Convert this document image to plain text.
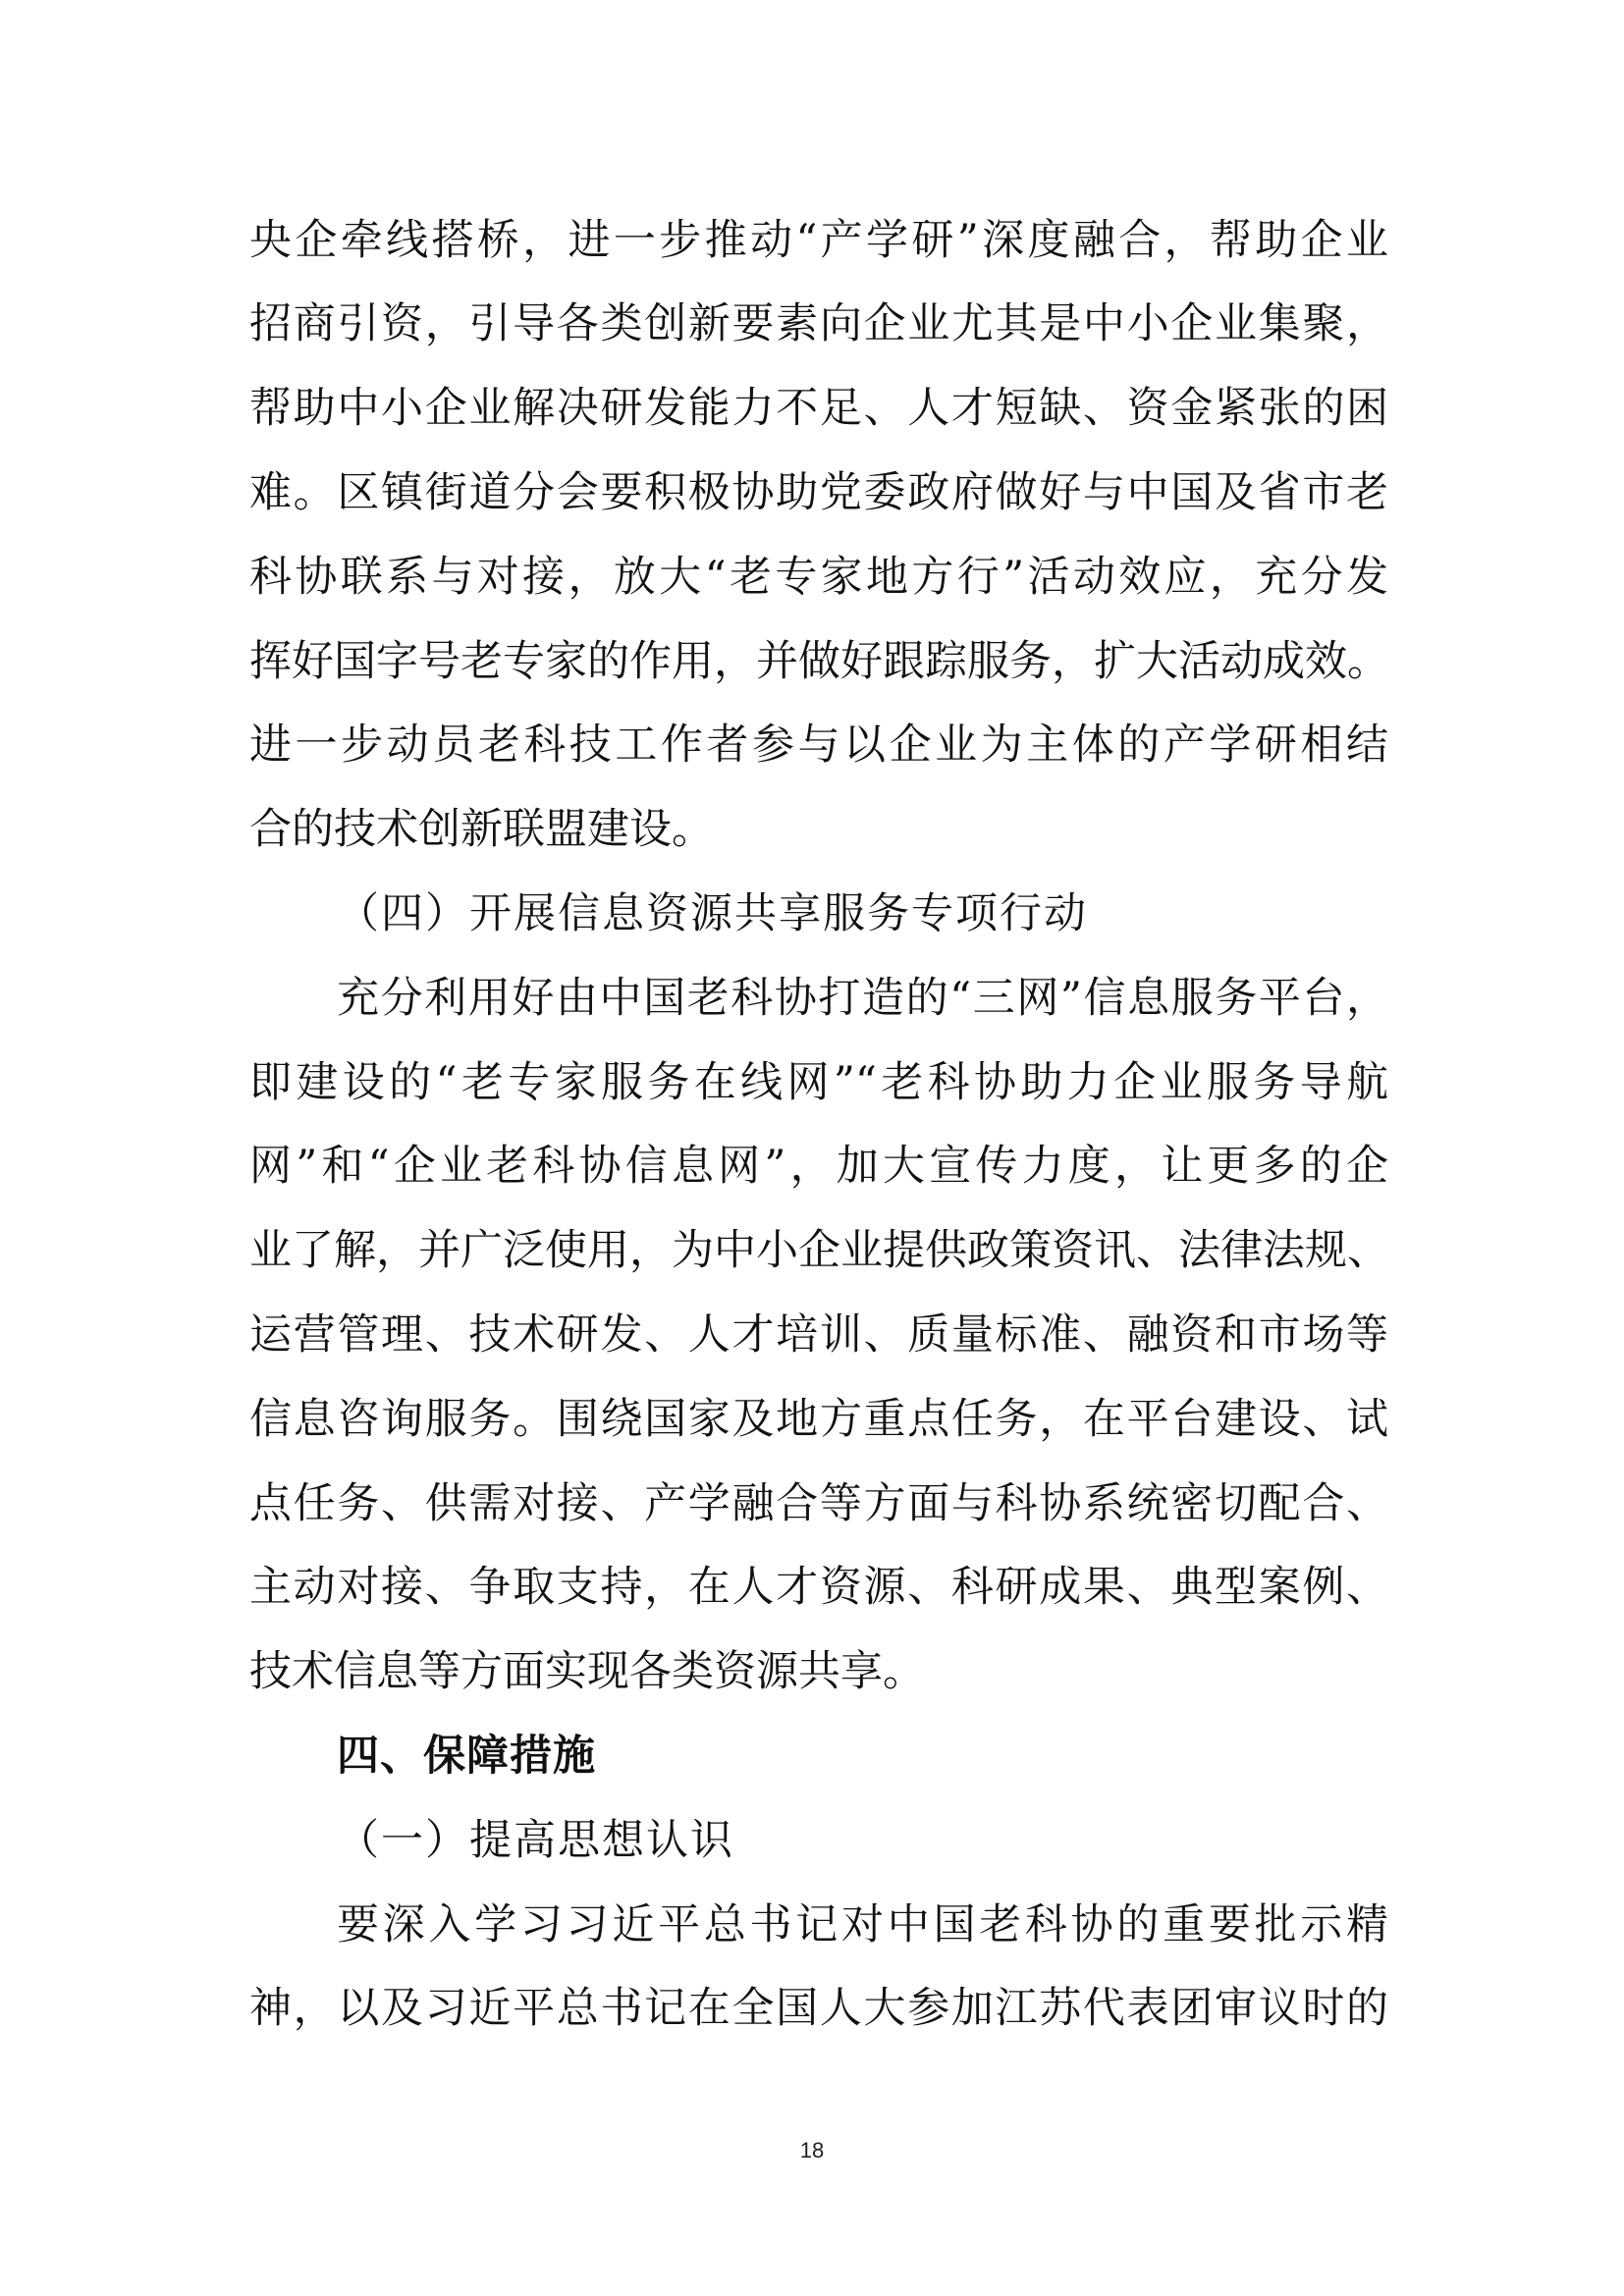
央企牵线搭桥，进一步推动“产学研”深度融合，帮助企业
招商引资，引导各类创新要素向企业尤其是中小企业集聚，
帮助中小企业解决研发能力不足、人才短缺、资金紧张的困
难。区镇街道分会要积极协助党委政府做好与中国及省市老
科协联系与对接，放大“老专家地方行”活动效应，充分发
挥好国字号老专家的作用，并做好跟踪服务，扩大活动成效。
进一步动员老科技工作者参与以企业为主体的产学研相结
合的技术创新联盟建设。
（四）开展信息资源共享服务专项行动
充分利用好由中国老科协打造的“三网”信息服务平台，
即建设的“老专家服务在线网”“老科协助力企业服务导航
网”和“企业老科协信息网”，加大宣传力度，让更多的企
业了解，并广泛使用，为中小企业提供政策资讯、法律法规、
运营管理、技术研发、人才培训、质量标准、融资和市场等
信息咨询服务。围绕国家及地方重点任务，在平台建设、试
点任务、供需对接、产学融合等方面与科协系统密切配合、
主动对接、争取支持，在人才资源、科研成果、典型案例、
技术信息等方面实现各类资源共享。
四、保障措施
（一）提高思想认识
要深入学习习近平总书记对中国老科协的重要批示精
神，以及习近平总书记在全国人大参加江苏代表团审议时的
18
